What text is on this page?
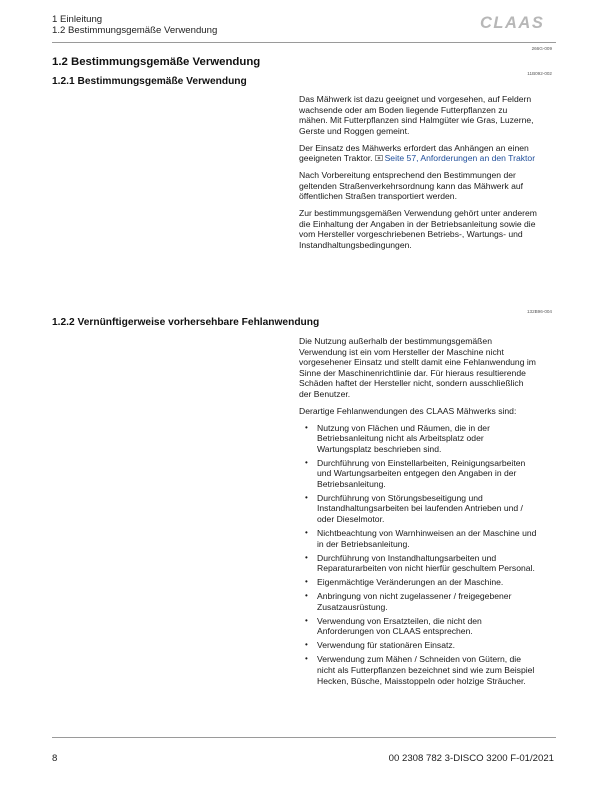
1 Einleitung
1.2 Bestimmungsgemäße Verwendung	CLAAS
266G-009
1.2 Bestimmungsgemäße Verwendung
11B092-002
1.2.1 Bestimmungsgemäße Verwendung

Das Mähwerk ist dazu geeignet und vorgesehen, auf Feldern wachsende oder am Boden liegende Futterpflanzen zu mähen. Mit Futterpflanzen sind Halmgüter wie Gras, Luzerne, Gerste und Roggen gemeint.

Der Einsatz des Mähwerks erfordert das Anhängen an einen geeigneten Traktor. Seite 57, Anforderungen an den Traktor

Nach Vorbereitung entsprechend den Bestimmungen der geltenden Straßenverkehrsordnung kann das Mähwerk auf öffentlichen Straßen transportiert werden.

Zur bestimmungsgemäßen Verwendung gehört unter anderem die Einhaltung der Angaben in der Betriebsanleitung sowie die vom Hersteller vorgeschriebenen Betriebs-, Wartungs- und Instandhaltungsbedingungen.

132B96-004
1.2.2 Vernünftigerweise vorhersehbare Fehlanwendung

Die Nutzung außerhalb der bestimmungsgemäßen Verwendung ist ein vom Hersteller der Maschine nicht vorgesehener Einsatz und stellt damit eine Fehlanwendung im Sinne der Maschinenrichtlinie dar. Für hieraus resultierende Schäden haftet der Hersteller nicht, sondern ausschließlich der Benutzer.

Derartige Fehlanwendungen des CLAAS Mähwerks sind:

• Nutzung von Flächen und Räumen, die in der Betriebsanleitung nicht als Arbeitsplatz oder Wartungsplatz beschrieben sind.
• Durchführung von Einstellarbeiten, Reinigungsarbeiten und Wartungsarbeiten entgegen den Angaben in der Betriebsanleitung.
• Durchführung von Störungsbeseitigung und Instandhaltungsarbeiten bei laufenden Antrieben und / oder Dieselmotor.
• Nichtbeachtung von Warnhinweisen an der Maschine und in der Betriebsanleitung.
• Durchführung von Instandhaltungsarbeiten und Reparaturarbeiten von nicht hierfür geschultem Personal.
• Eigenmächtige Veränderungen an der Maschine.
• Anbringung von nicht zugelassener / freigegebener Zusatzausrüstung.
• Verwendung von Ersatzteilen, die nicht den Anforderungen von CLAAS entsprechen.
• Verwendung für stationären Einsatz.
• Verwendung zum Mähen / Schneiden von Gütern, die nicht als Futterpflanzen bezeichnet sind wie zum Beispiel Hecken, Büsche, Maisstoppeln oder holzige Sträucher.
8	00 2308 782 3-DISCO 3200 F-01/2021
